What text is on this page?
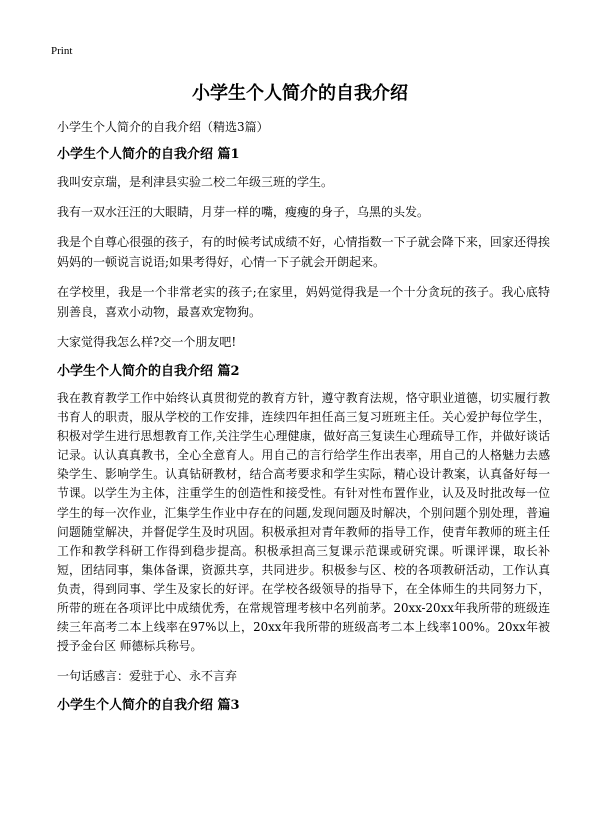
Print
小学生个人简介的自我介绍
小学生个人简介的自我介绍（精选3篇）
小学生个人简介的自我介绍 篇1

我叫安京瑞，是利津县实验二校二年级三班的学生。

我有一双水汪汪的大眼睛，月芽一样的嘴，瘦瘦的身子，乌黑的头发。

我是个自尊心很强的孩子，有的时候考试成绩不好，心情指数一下子就会降下来，回家还得挨妈妈的一顿说言说语;如果考得好，心情一下子就会开朗起来。

在学校里，我是一个非常老实的孩子;在家里，妈妈觉得我是一个十分贪玩的孩子。我心底特别善良，喜欢小动物，最喜欢宠物狗。

大家觉得我怎么样?交一个朋友吧!

小学生个人简介的自我介绍 篇2

我在教育教学工作中始终认真贯彻党的教育方针，遵守教育法规，恪守职业道德，切实履行教书育人的职责，服从学校的工作安排，连续四年担任高三复习班班主任。关心爱护每位学生，积极对学生进行思想教育工作,关注学生心理健康，做好高三复读生心理疏导工作，并做好谈话记录。认认真真教书，全心全意育人。用自己的言行给学生作出表率，用自己的人格魅力去感染学生、影响学生。认真钻研教材，结合高考要求和学生实际，精心设计教案，认真备好每一节课。以学生为主体，注重学生的创造性和接受性。有针对性布置作业，认及及时批改每一位学生的每一次作业，汇集学生作业中存在的问题,发现问题及时解决，个别问题个别处理，普遍问题随堂解决，并督促学生及时巩固。积极承担对青年教师的指导工作，使青年教师的班主任工作和教学科研工作得到稳步提高。积极承担高三复课示范课或研究课。听课评课，取长补短，团结同事，集体备课，资源共享，共同进步。积极参与区、校的各项教研活动，工作认真负责，得到同事、学生及家长的好评。在学校各级领导的指导下，在全体师生的共同努力下，所带的班在各项评比中成绩优秀，在常规管理考核中名列前茅。20xx-20xx年我所带的班级连续三年高考二本上线率在97%以上，20xx年我所带的班级高考二本上线率100%。20xx年被授予金台区 师德标兵称号。

一句话感言：爱驻于心、永不言弃

小学生个人简介的自我介绍 篇3
